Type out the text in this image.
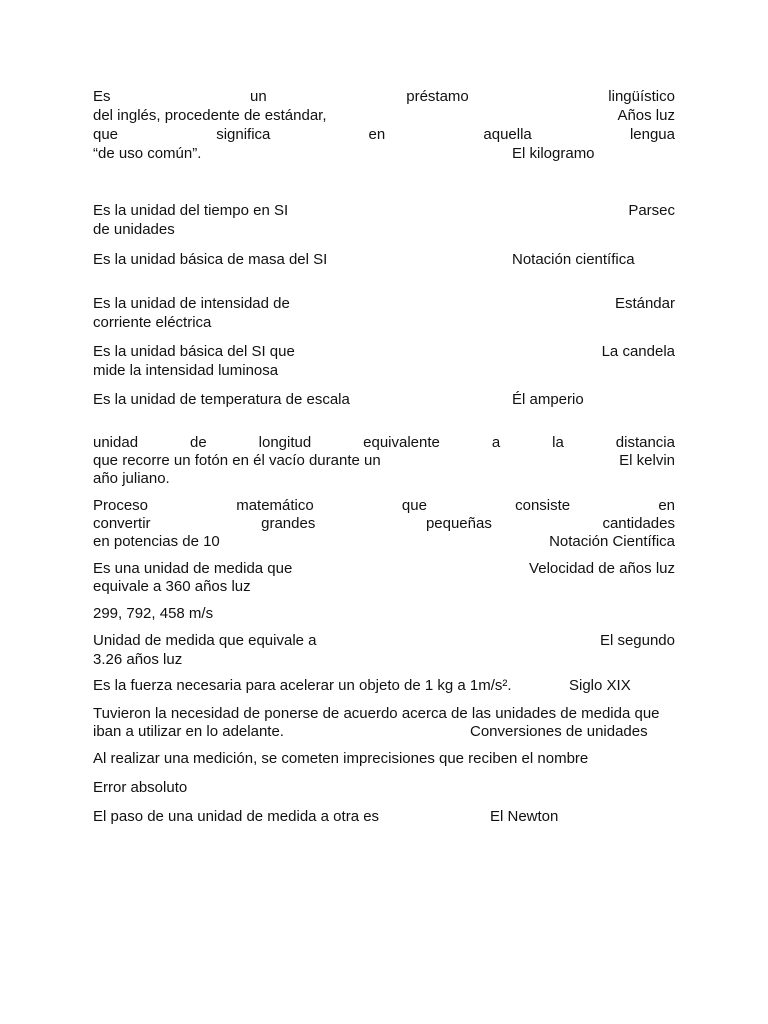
Es	un	préstamo	lingüístico
del inglés, procedente de estándar,	Años luz
que	significa	en	aquella	lengua
“de uso común”.	El kilogramo
Es la unidad del tiempo en SI	Parsec
de unidades
Es la unidad básica de masa del SI	Notación científica
Es la unidad de intensidad de	Estándar
corriente eléctrica
Es la unidad básica del SI que	La candela
mide la intensidad luminosa
Es la unidad de temperatura de escala	Él amperio
unidad	de	longitud	equivalente	a	la	distancia
que recorre un fotón en él vacío durante un	El kelvin
año juliano.
Proceso	matemático	que	consiste	en
convertir	grandes	pequeñas	cantidades
en potencias de 10	Notación Científica
Es una unidad de medida que	Velocidad de años luz
equivale a 360 años luz
299, 792, 458 m/s
Unidad de medida que equivale a	El segundo
3.26 años luz
Es la fuerza necesaria para acelerar un objeto de 1 kg a 1m/s².	Siglo XIX
Tuvieron la necesidad de ponerse de acuerdo acerca de las unidades de medida que
iban a utilizar en lo adelante.	Conversiones de unidades
Al realizar una medición, se cometen imprecisiones que reciben el nombre
Error absoluto
El paso de una unidad de medida a otra es	El Newton
